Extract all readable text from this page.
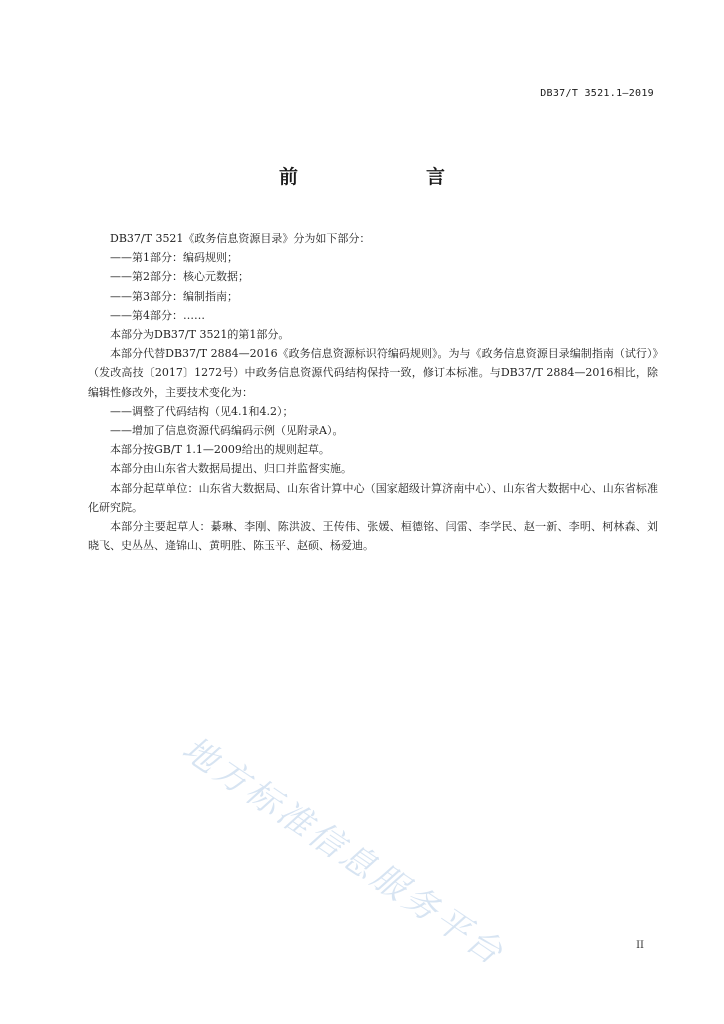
DB37/T 3521.1—2019
前　　言

DB37/T 3521《政务信息资源目录》分为如下部分：

——第1部分：编码规则；

——第2部分：核心元数据；

——第3部分：编制指南；

——第4部分：……

本部分为DB37/T 3521的第1部分。

本部分代替DB37/T 2884—2016《政务信息资源标识符编码规则》。为与《政务信息资源目录编制指南（试行）》（发改高技〔2017〕1272号）中政务信息资源代码结构保持一致，修订本标准。与DB37/T 2884—2016相比，除编辑性修改外，主要技术变化为：

——调整了代码结构（见4.1和4.2）；

——增加了信息资源代码编码示例（见附录A）。

本部分按GB/T 1.1—2009给出的规则起草。

本部分由山东省大数据局提出、归口并监督实施。

本部分起草单位：山东省大数据局、山东省计算中心（国家超级计算济南中心）、山东省大数据中心、山东省标准化研究院。

本部分主要起草人：綦琳、李刚、陈洪波、王传伟、张媛、桓德铭、闫雷、李学民、赵一新、李明、柯林森、刘晓飞、史丛丛、逄锦山、黄明胜、陈玉平、赵硕、杨爱迪。

地方标准信息服务平台	II
